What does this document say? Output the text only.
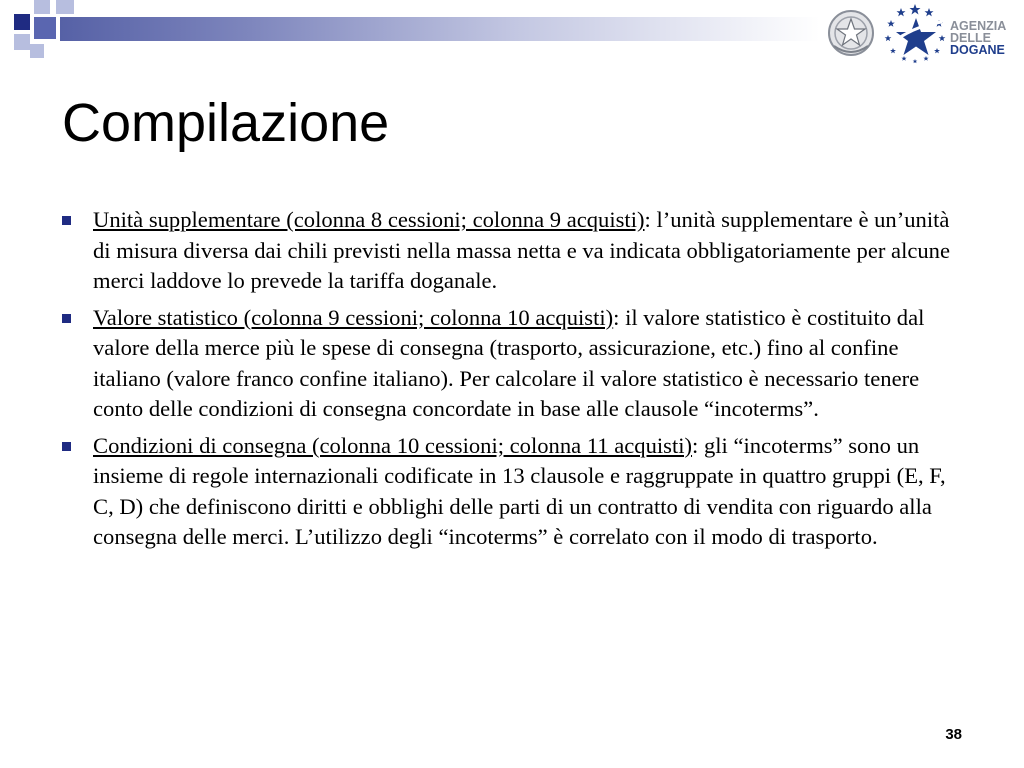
AGENZIA
DELLE
DOGANE
Compilazione
Unità supplementare (colonna 8 cessioni; colonna 9 acquisti): l’unità supplementare è un’unità di misura diversa dai chili previsti nella massa netta e va indicata obbligatoriamente per alcune merci laddove lo prevede la tariffa doganale.
Valore statistico (colonna 9 cessioni; colonna 10 acquisti): il valore statistico è costituito dal valore della merce più le spese di consegna (trasporto, assicurazione, etc.) fino al confine italiano (valore franco confine italiano). Per calcolare il valore statistico è necessario tenere conto delle condizioni di consegna concordate in base alle clausole “incoterms”.
Condizioni di consegna (colonna 10 cessioni; colonna 11 acquisti): gli “incoterms” sono un insieme di regole internazionali codificate in 13 clausole e raggruppate in quattro gruppi (E, F, C, D) che definiscono diritti e obblighi delle parti di un contratto di vendita con riguardo alla consegna delle merci. L’utilizzo degli “incoterms” è correlato con il modo di trasporto.
38
